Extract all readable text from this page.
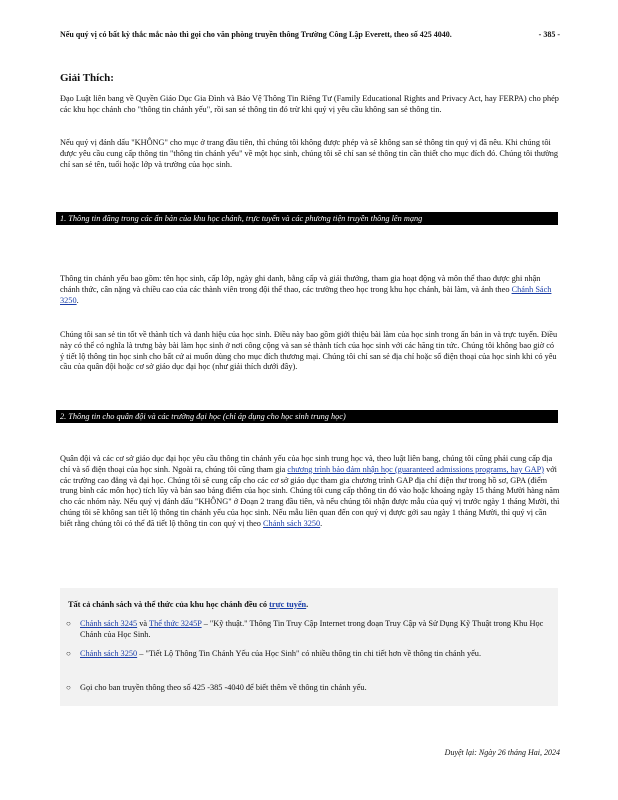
Nếu quý vị có bất kỳ thắc mắc nào thì gọi cho văn phòng truyền thông Trường Công Lập Everett, theo số 425 4040.	- 385 -
Giải Thích:
Đạo Luật liên bang về Quyền Giáo Dục Gia Đình và Bảo Vệ Thông Tin Riêng Tư (Family Educational Rights and Privacy Act, hay FERPA) cho phép các khu học chánh cho "thông tin chánh yếu", rồi san sẻ thông tin đó trừ khi quý vị yêu cầu không san sẻ thông tin.
Nếu quý vị đánh dấu "KHÔNG" cho mục ở trang đầu tiên, thì chúng tôi không được phép và sẽ không san sẻ thông tin quý vị đã nêu. Khi chúng tôi được yêu cầu cung cấp thông tin "thông tin chánh yếu" về một học sinh, chúng tôi sẽ chỉ san sẻ thông tin cần thiết cho mục đích đó. Chúng tôi thường chỉ san sẻ tên, tuổi hoặc lớp và trường của học sinh.
1. Thông tin đăng trong các ấn bản của khu học chánh, trực tuyến và các phương tiện truyền thông lên mạng
Thông tin chánh yếu bao gồm: tên học sinh, cấp lớp, ngày ghi danh, bằng cấp và giải thưởng, tham gia hoạt động và môn thể thao được ghi nhận chánh thức, cân nặng và chiều cao của các thành viên trong đội thể thao, các trường theo học trong khu học chánh, bài làm, và ảnh theo Chánh Sách 3250.
Chúng tôi san sẻ tin tốt về thành tích và danh hiệu của học sinh. Điều này bao gồm giới thiệu bài làm của học sinh trong ấn bản in và trực tuyến. Điều này có thể có nghĩa là trưng bày bài làm học sinh ở nơi công cộng và san sẻ thành tích của học sinh với các hãng tin tức. Chúng tôi không bao giờ có ý tiết lộ thông tin học sinh cho bất cứ ai muốn dùng cho mục đích thương mại. Chúng tôi chỉ san sẻ địa chỉ hoặc số điện thoại của học sinh khi có yêu cầu của quân đội hoặc cơ sở giáo dục đại học (như giải thích dưới đây).
2. Thông tin cho quân đội và các trường đại học (chỉ áp dụng cho học sinh trung học)
Quân đội và các cơ sở giáo dục đại học yêu cầu thông tin chánh yếu của học sinh trung học và, theo luật liên bang, chúng tôi cũng phải cung cấp địa chỉ và số điện thoại của học sinh. Ngoài ra, chúng tôi cũng tham gia chương trình bảo đảm nhận học (guaranteed admissions programs, hay GAP) với các trường cao đẳng và đại học. Chúng tôi sẽ cung cấp cho các cơ sở giáo dục tham gia chương trình GAP địa chỉ điện thư trong hồ sơ, GPA (điểm trung bình các môn học) tích lũy và bản sao bảng điểm của học sinh. Chúng tôi cung cấp thông tin đó vào hoặc khoảng ngày 15 tháng Mười hàng năm cho các nhóm này. Nếu quý vị đánh dấu "KHÔNG" ở Đoạn 2 trang đầu tiên, và nếu chúng tôi nhận được mẫu của quý vị trước ngày 1 tháng Mười, thì chúng tôi sẽ không san tiết lộ thông tin chánh yếu của học sinh. Nếu mẫu liên quan đến con quý vị được gởi sau ngày 1 tháng Mười, thì quý vị cần biết rằng chúng tôi có thể đã tiết lộ thông tin con quý vị theo Chánh sách 3250.
Tất cả chánh sách và thể thức của khu học chánh đều có trực tuyến.
○ Chánh sách 3245 và Thể thức 3245P – "Kỹ thuật." Thông Tin Truy Cập Internet trong đoạn Truy Cập và Sử Dụng Kỹ Thuật trong Khu Học Chánh của Học Sinh.
○ Chánh sách 3250 – "Tiết Lộ Thông Tin Chánh Yếu của Học Sinh" có nhiều thông tin chi tiết hơn về thông tin chánh yếu.
○ Gọi cho ban truyền thông theo số 425 -385 -4040 để biết thêm về thông tin chánh yếu.
Duyệt lại: Ngày 26 tháng Hai, 2024
